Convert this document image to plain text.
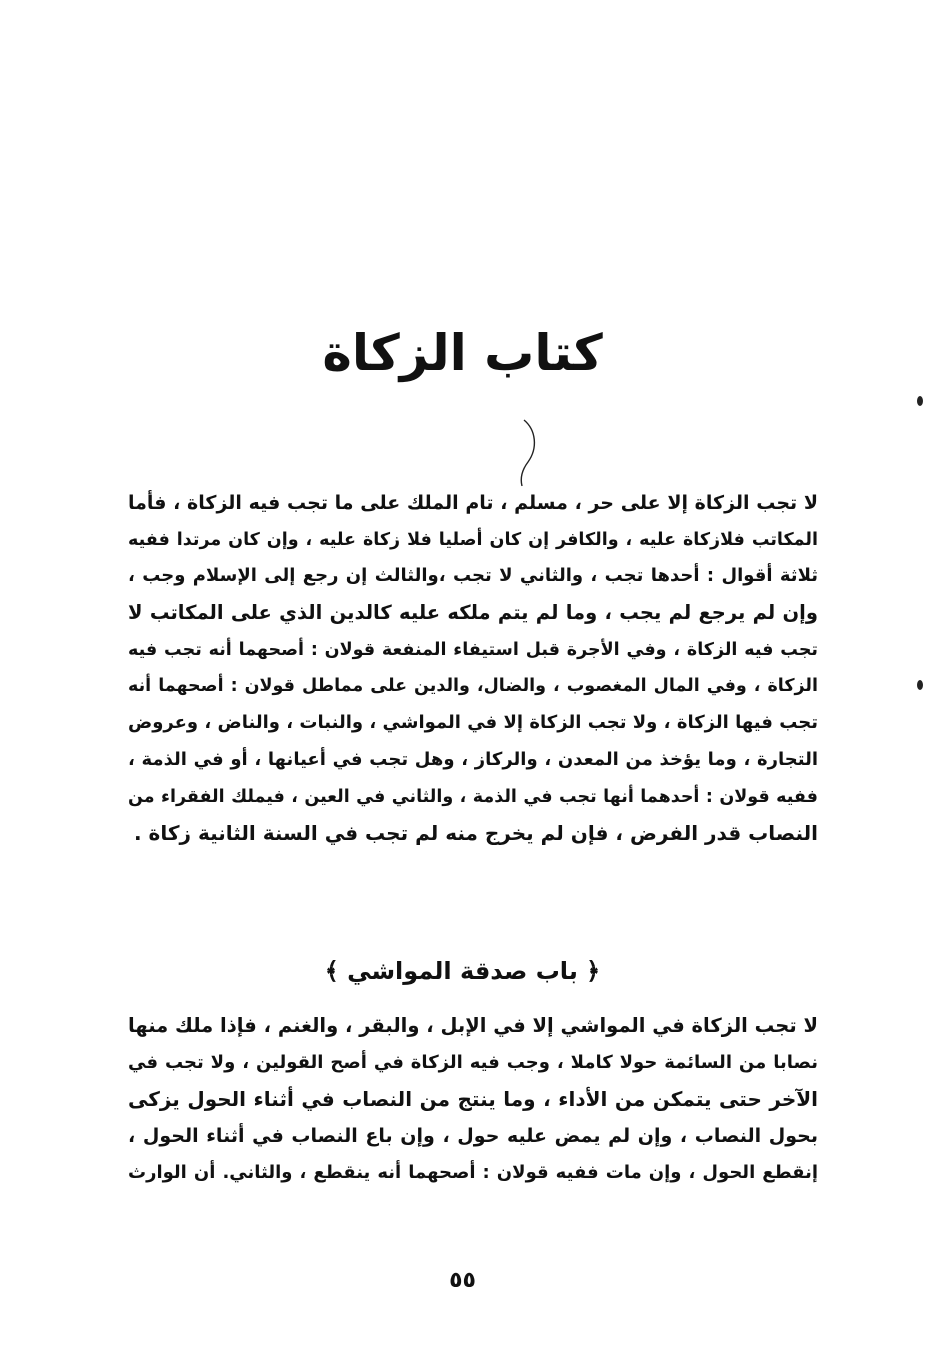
كتاب الزكاة
لا تجب الزكاة إلا على حر ، مسلم ، تام الملك على ما تجب فيه الزكاة ، فأما
المكاتب فلازكاة عليه ، والكافر إن كان أصليا فلا زكاة عليه ، وإن كان مرتدا ففيه
ثلاثة أقوال : أحدها تجب ، والثاني لا تجب ،والثالث إن رجع إلى الإسلام وجب ،
وإن لم يرجع لم يجب ، وما لم يتم ملكه عليه كالدين الذي على المكاتب لا
تجب فيه الزكاة ، وفي الأجرة قبل استيفاء المنفعة قولان : أصحهما أنه تجب فيه
الزكاة ، وفي المال المغصوب ، والضال، والدين على مماطل قولان : أصحهما أنه
تجب فيها الزكاة ، ولا تجب الزكاة إلا في المواشي ، والنبات ، والناض ، وعروض
التجارة ، وما يؤخذ من المعدن ، والركاز ، وهل تجب في أعيانها ، أو في الذمة ،
ففيه قولان : أحدهما أنها تجب في الذمة ، والثاني في العين ، فيملك الفقراء من
النصاب قدر الفرض ، فإن لم يخرج منه لم تجب في السنة الثانية زكاة .
﴿ باب صدقة المواشي ﴾
لا تجب الزكاة في المواشي إلا في الإبل ، والبقر ، والغنم ، فإذا ملك منها
نصابا من السائمة حولا كاملا ، وجب فيه الزكاة في أصح القولين ، ولا تجب في
الآخر حتى يتمكن من الأداء ، وما ينتج من النصاب في أثناء الحول يزكى
بحول النصاب ، وإن لم يمض عليه حول ، وإن باع النصاب في أثناء الحول ،
إنقطع الحول ، وإن مات ففيه قولان : أصحهما أنه ينقطع ، والثاني. أن الوارث
٥٥
